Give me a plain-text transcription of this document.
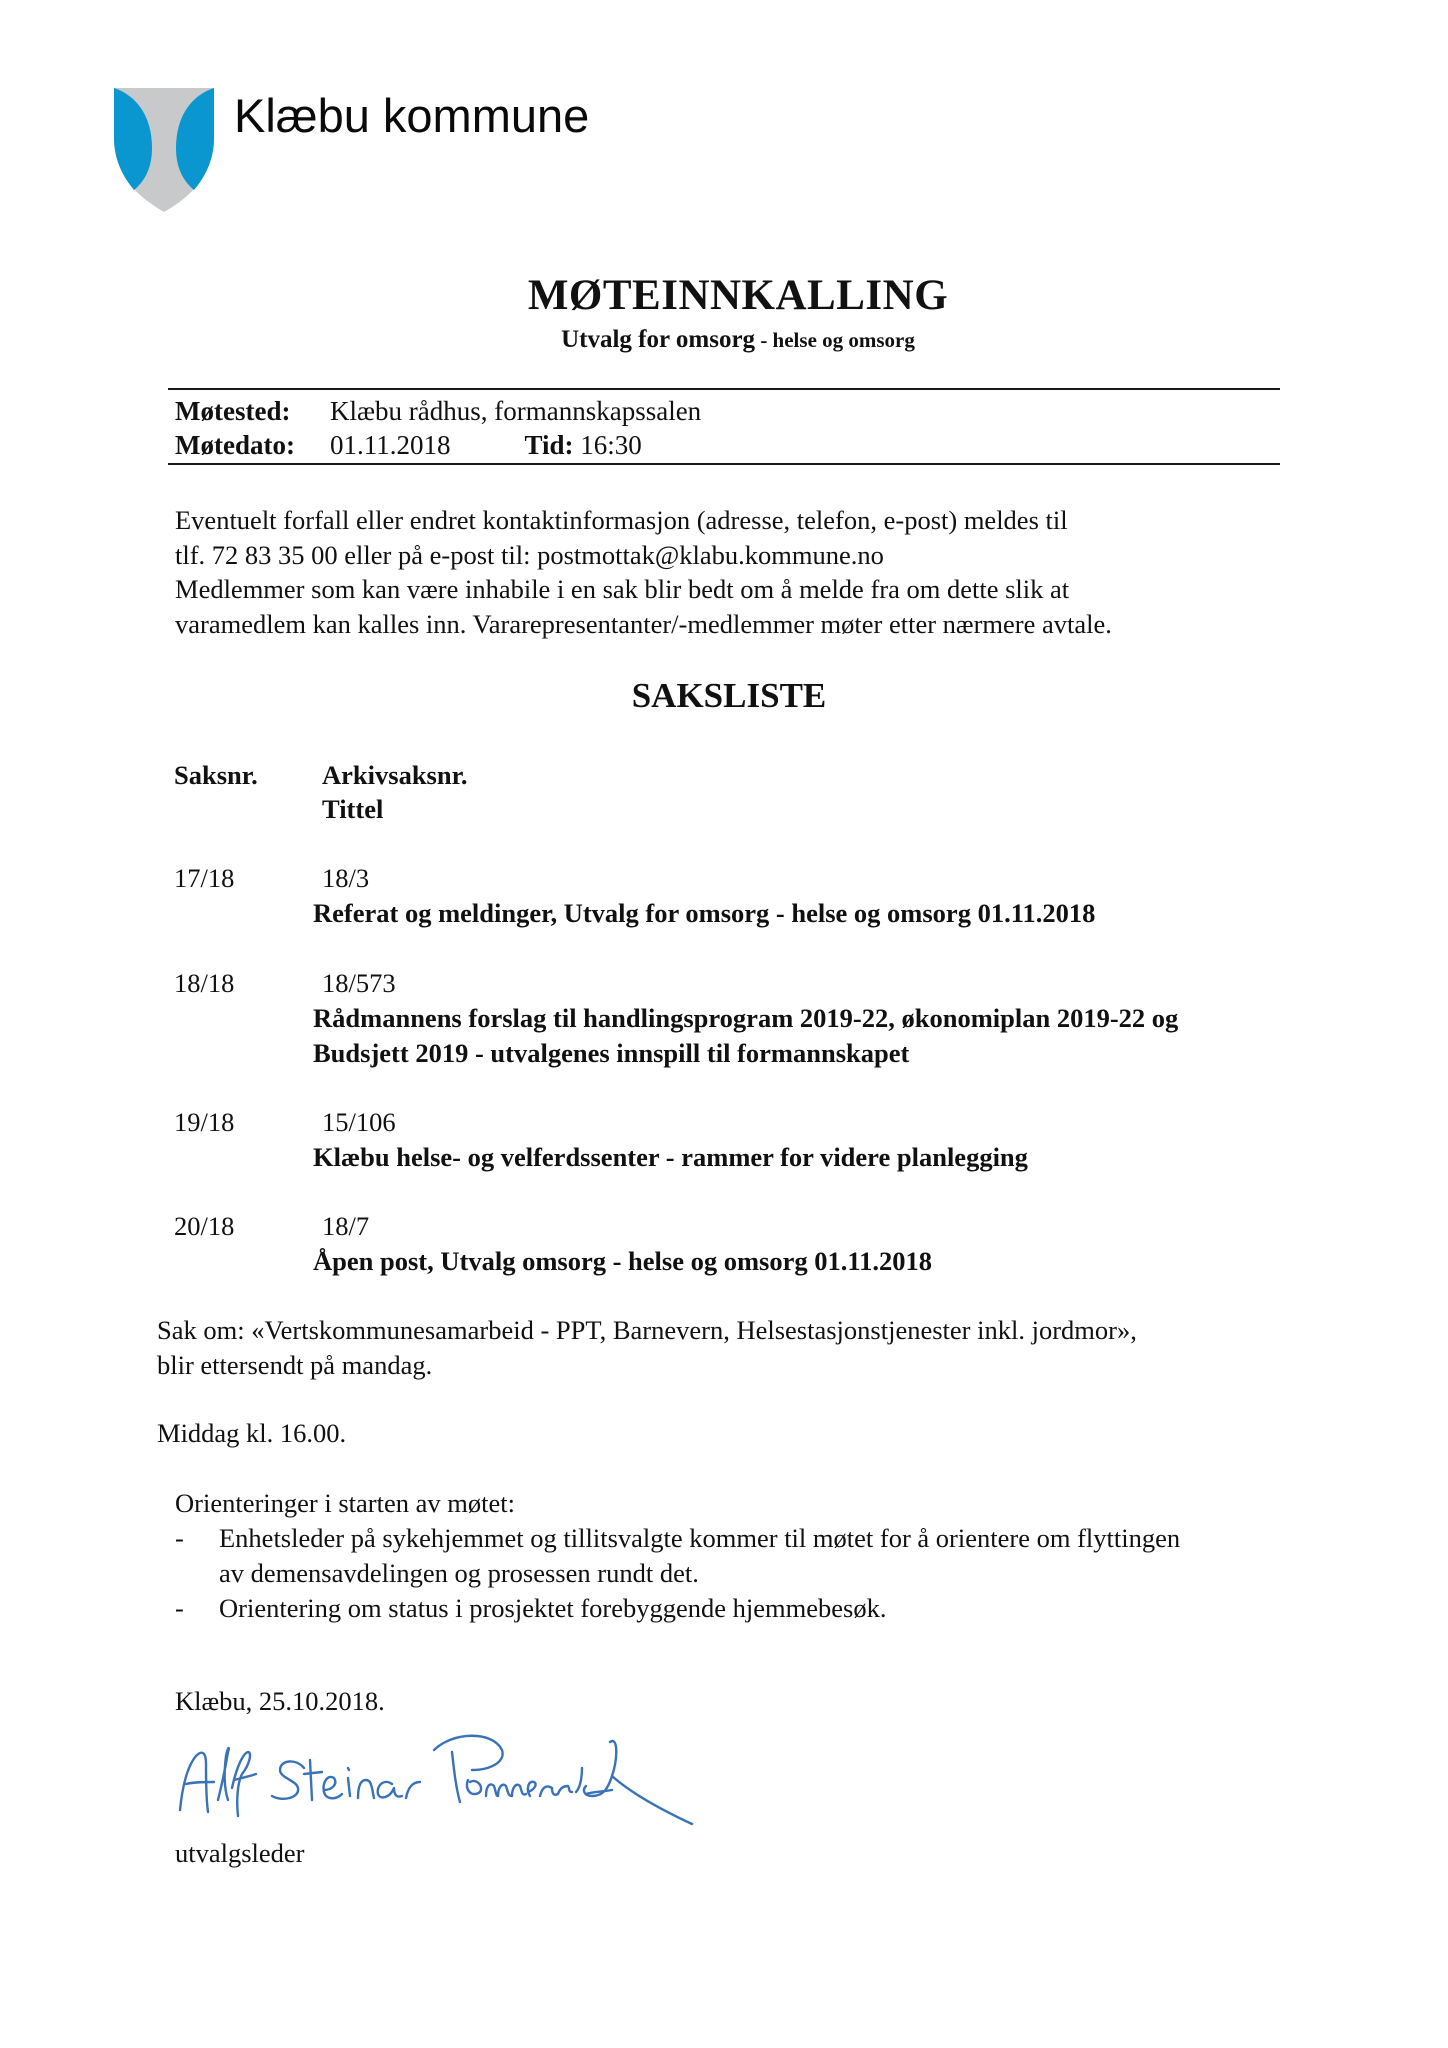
Klæbu kommune
MØTEINNKALLING
Utvalg for omsorg - helse og omsorg
Møtested: Klæbu rådhus, formannskapssalen
Møtedato: 01.11.2018	Tid: 16:30
Eventuelt forfall eller endret kontaktinformasjon (adresse, telefon, e-post) meldes til
tlf. 72 83 35 00 eller på e-post til: postmottak@klabu.kommune.no
Medlemmer som kan være inhabile i en sak blir bedt om å melde fra om dette slik at
varamedlem kan kalles inn. Vararepresentanter/-medlemmer møter etter nærmere avtale.
SAKSLISTE
Saksnr. Arkivsaksnr.
Tittel
17/18	18/3
Referat og meldinger, Utvalg for omsorg - helse og omsorg 01.11.2018
18/18	18/573
Rådmannens forslag til handlingsprogram 2019-22, økonomiplan 2019-22 og
Budsjett 2019 - utvalgenes innspill til formannskapet
19/18	15/106
Klæbu helse- og velferdssenter - rammer for videre planlegging
20/18	18/7
Åpen post, Utvalg omsorg - helse og omsorg 01.11.2018
Sak om: «Vertskommunesamarbeid - PPT, Barnevern, Helsestasjonstjenester inkl. jordmor»,
blir ettersendt på mandag.
Middag kl. 16.00.
Orienteringer i starten av møtet:
-	Enhetsleder på sykehjemmet og tillitsvalgte kommer til møtet for å orientere om flyttingen
av demensavdelingen og prosessen rundt det.
-	Orientering om status i prosjektet forebyggende hjemmebesøk.
Klæbu, 25.10.2018.
utvalgsleder
